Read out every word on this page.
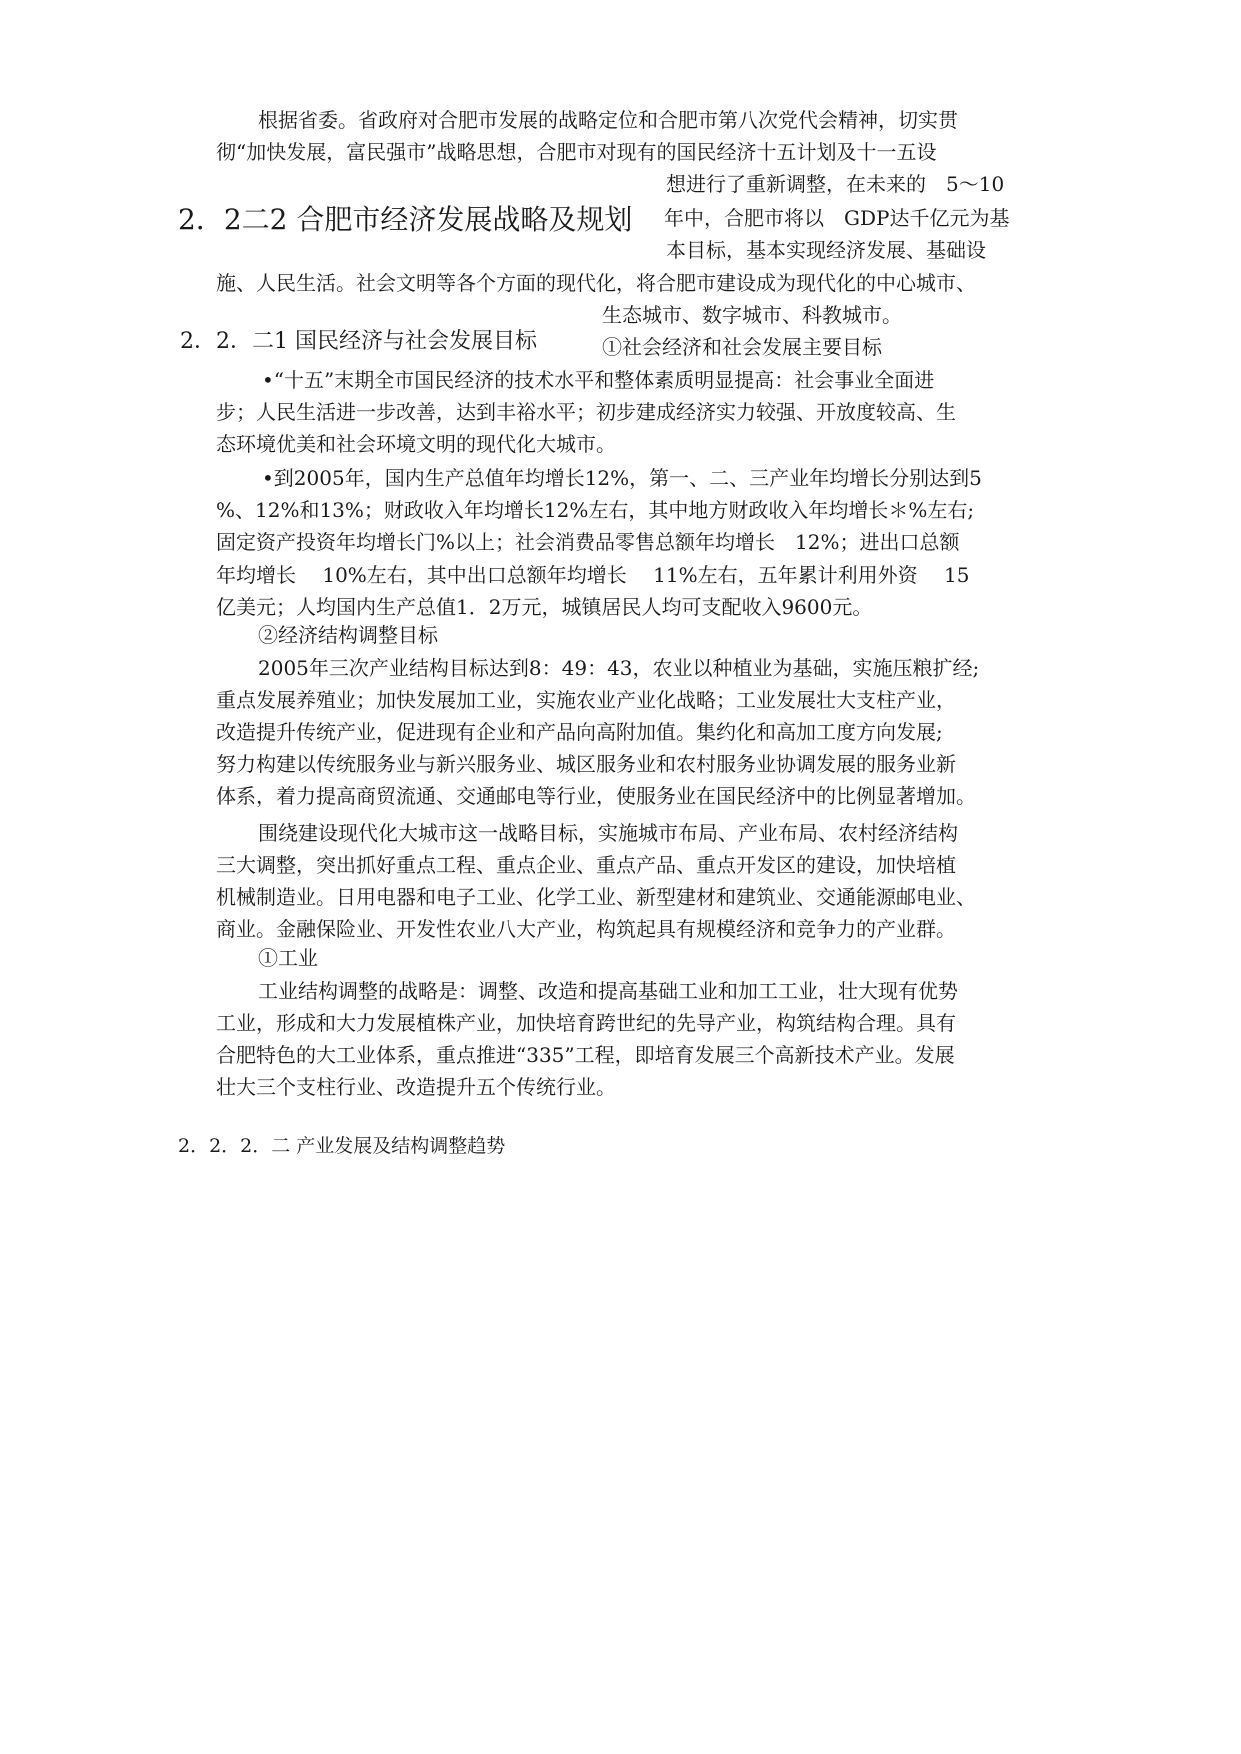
根据省委。省政府对合肥市发展的战略定位和合肥市第八次党代会精神，切实贯
彻“加快发展，富民强市”战略思想，合肥市对现有的国民经济十五计划及十一五设
想进行了重新调整，在未来的　5～10
2．2二2 合肥市经济发展战略及规划 年中，合肥市将以　GDP达千亿元为基
本目标，基本实现经济发展、基础设
施、人民生活。社会文明等各个方面的现代化，将合肥市建设成为现代化的中心城市、
生态城市、数字城市、科教城市。
2．2．二1 国民经济与社会发展目标	①社会经济和社会发展主要目标
•“十五”末期全市国民经济的技术水平和整体素质明显提高：社会事业全面进
步；人民生活进一步改善，达到丰裕水平；初步建成经济实力较强、开放度较高、生
态环境优美和社会环境文明的现代化大城市。
•到2005年，国内生产总值年均增长12%，第一、二、三产业年均增长分别达到5
%、12%和13%；财政收入年均增长12%左右，其中地方财政收入年均增长＊%左右;
固定资产投资年均增长门%以上；社会消费品零售总额年均增长　12%；进出口总额
年均增长　 10%左右，其中出口总额年均增长　 11%左右，五年累计利用外资　 15
亿美元；人均国内生产总值1．2万元，城镇居民人均可支配收入9600元。
②经济结构调整目标
2005年三次产业结构目标达到8：49：43，农业以种植业为基础，实施压粮扩经;
重点发展养殖业；加快发展加工业，实施农业产业化战略；工业发展壮大支柱产业，
改造提升传统产业，促进现有企业和产品向高附加值。集约化和高加工度方向发展;
努力构建以传统服务业与新兴服务业、城区服务业和农村服务业协调发展的服务业新
体系，着力提高商贸流通、交通邮电等行业，使服务业在国民经济中的比例显著增加。
围绕建设现代化大城市这一战略目标，实施城市布局、产业布局、农村经济结构
三大调整，突出抓好重点工程、重点企业、重点产品、重点开发区的建设，加快培植
机械制造业。日用电器和电子工业、化学工业、新型建材和建筑业、交通能源邮电业、
商业。金融保险业、开发性农业八大产业，构筑起具有规模经济和竞争力的产业群。
①工业
工业结构调整的战略是：调整、改造和提高基础工业和加工工业，壮大现有优势
工业，形成和大力发展植株产业，加快培育跨世纪的先导产业，构筑结构合理。具有
合肥特色的大工业体系，重点推进“335”工程，即培育发展三个高新技术产业。发展
壮大三个支柱行业、改造提升五个传统行业。
2．2．2．二 产业发展及结构调整趋势
